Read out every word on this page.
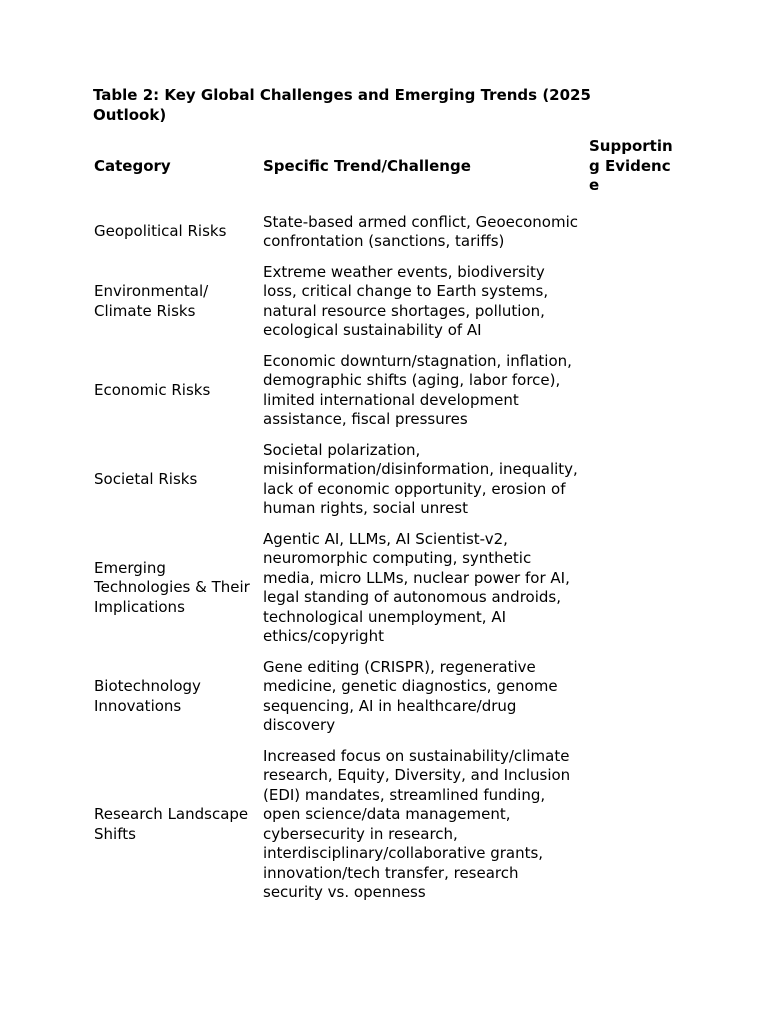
Table 2: Key Global Challenges and Emerging Trends (2025 Outlook)

Category	Specific Trend/Challenge	Supporting Evidence
Geopolitical Risks	State-based armed conflict, Geoeconomic confrontation (sanctions, tariffs)	
Environmental/ Climate Risks	Extreme weather events, biodiversity loss, critical change to Earth systems, natural resource shortages, pollution, ecological sustainability of AI	
Economic Risks	Economic downturn/stagnation, inflation, demographic shifts (aging, labor force), limited international development assistance, fiscal pressures	
Societal Risks	Societal polarization, misinformation/disinformation, inequality, lack of economic opportunity, erosion of human rights, social unrest	
Emerging Technologies & Their Implications	Agentic AI, LLMs, AI Scientist-v2, neuromorphic computing, synthetic media, micro LLMs, nuclear power for AI, legal standing of autonomous androids, technological unemployment, AI ethics/copyright	
Biotechnology Innovations	Gene editing (CRISPR), regenerative medicine, genetic diagnostics, genome sequencing, AI in healthcare/drug discovery	
Research Landscape Shifts	Increased focus on sustainability/climate research, Equity, Diversity, and Inclusion (EDI) mandates, streamlined funding, open science/data management, cybersecurity in research, interdisciplinary/collaborative grants, innovation/tech transfer, research security vs. openness	
